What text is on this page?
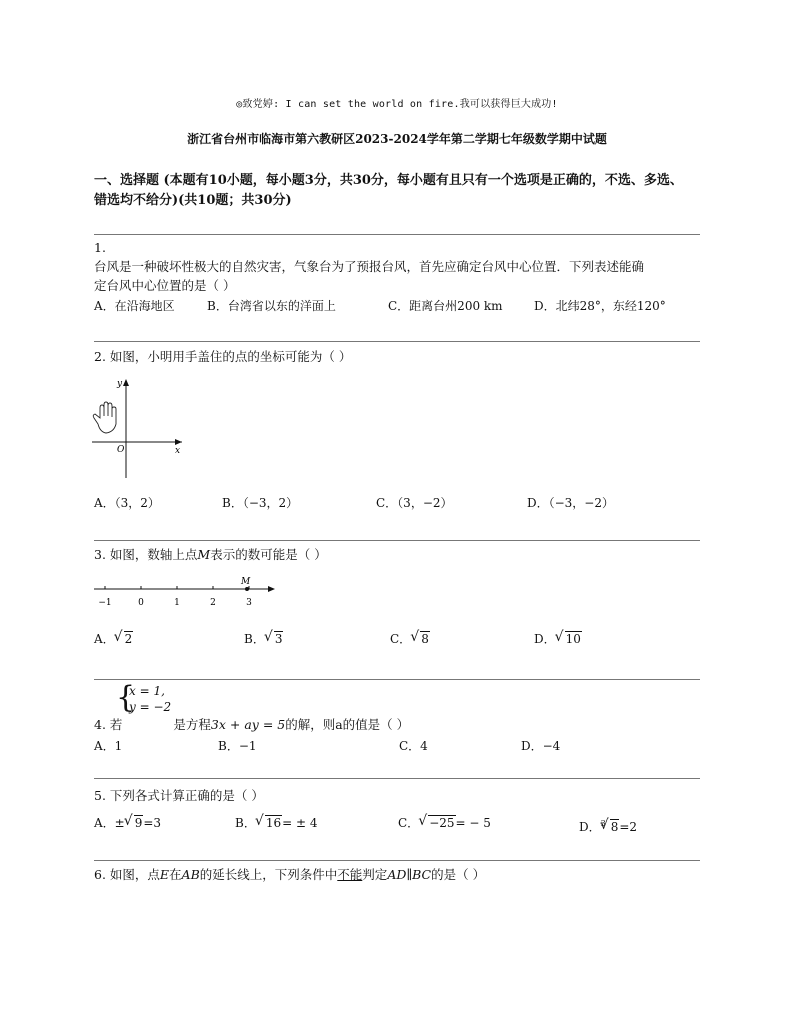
◎致党婷: I can set the world on fire.我可以获得巨大成功!
浙江省台州市临海市第六教研区2023-2024学年第二学期七年级数学期中试题
一、选择题 (本题有10小题，每小题3分，共30分，每小题有且只有一个选项是正确的，不选、多选、
错选均不给分)(共10题；共30分)
1.
台风是一种破坏性极大的自然灾害，气象台为了预报台风，首先应确定台风中心位置．下列表述能确
定台风中心位置的是（ ）
A．在沿海地区	B．台湾省以东的洋面上	C．距离台州200 km	D．北纬28°，东经120°
2. 如图，小明用手盖住的点的坐标可能为（ ）
y
x
O
A．（3，2）	B．（−3，2）	C．（3，−2）	D．（−3，−2）
3. 如图，数轴上点M表示的数可能是（ ）
−1	0	1	2	3
M
A． √ 2	B． √ 3	C． √ 8	D． √ 10
{
x = 1,
y = −2
4. 若	是方程3x + ay = 5的解，则a的值是（ ）
A．1	B．−1	C．4	D．−4
5. 下列各式计算正确的是（ ）
A．± √ 9=3	B． √ 16= ± 4	C． √ −25= − 5	D．$^3$ √ 8=2
6. 如图，点E在AB的延长线上，下列条件中不能判定AD∥BC的是（ ）
